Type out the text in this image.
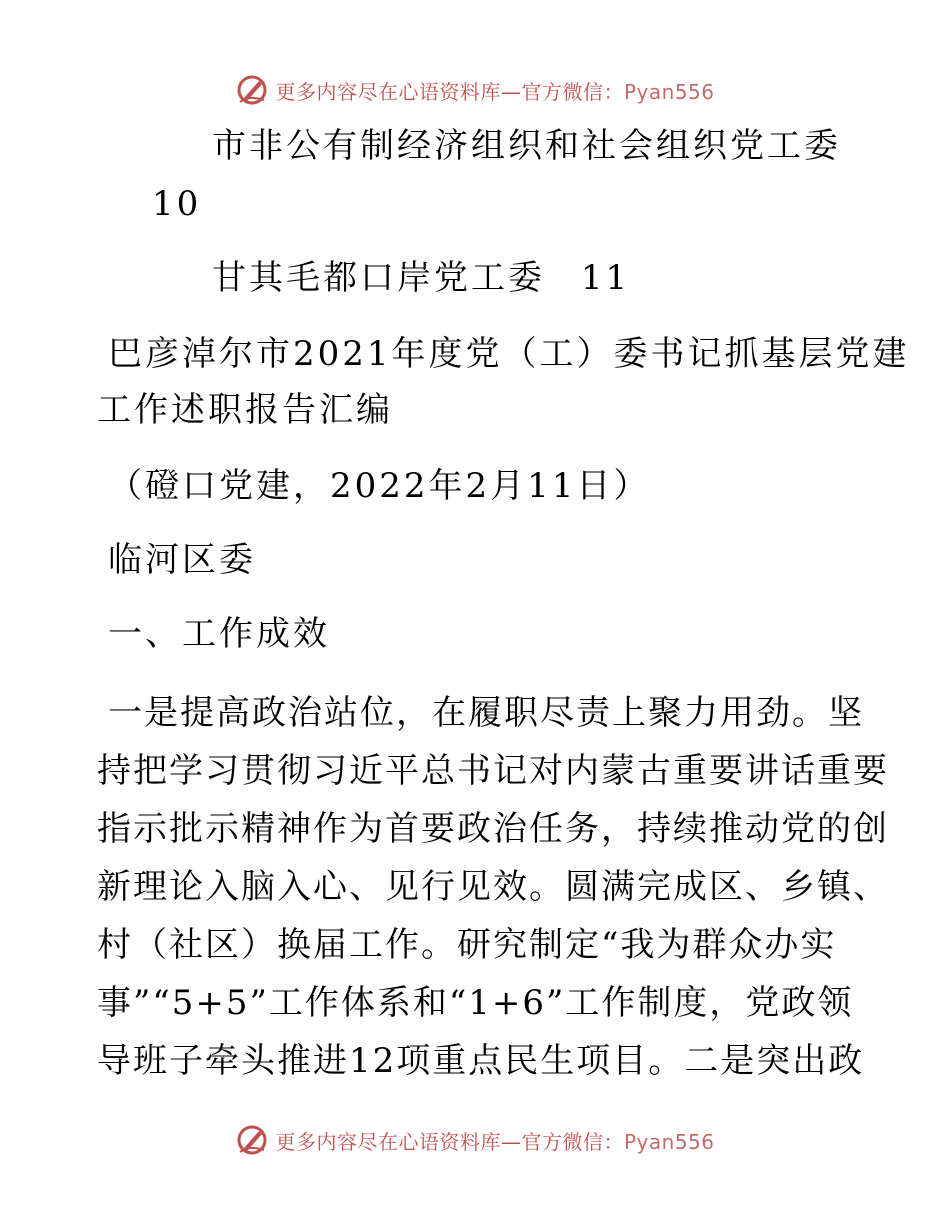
更多内容尽在心语资料库—官方微信：Pyan556
市非公有制经济组织和社会组织党工委
10
甘其毛都口岸党工委 11
巴彦淖尔市2021年度党（工）委书记抓基层党建
工作述职报告汇编
（磴口党建，2022年2月11日）
临河区委
一、工作成效
一是提高政治站位，在履职尽责上聚力用劲。坚
持把学习贯彻习近平总书记对内蒙古重要讲话重要
指示批示精神作为首要政治任务，持续推动党的创
新理论入脑入心、见行见效。圆满完成区、乡镇、
村（社区）换届工作。研究制定“我为群众办实
事”“5+5”工作体系和“1+6”工作制度，党政领
导班子牵头推进12项重点民生项目。二是突出政
更多内容尽在心语资料库—官方微信：Pyan556
